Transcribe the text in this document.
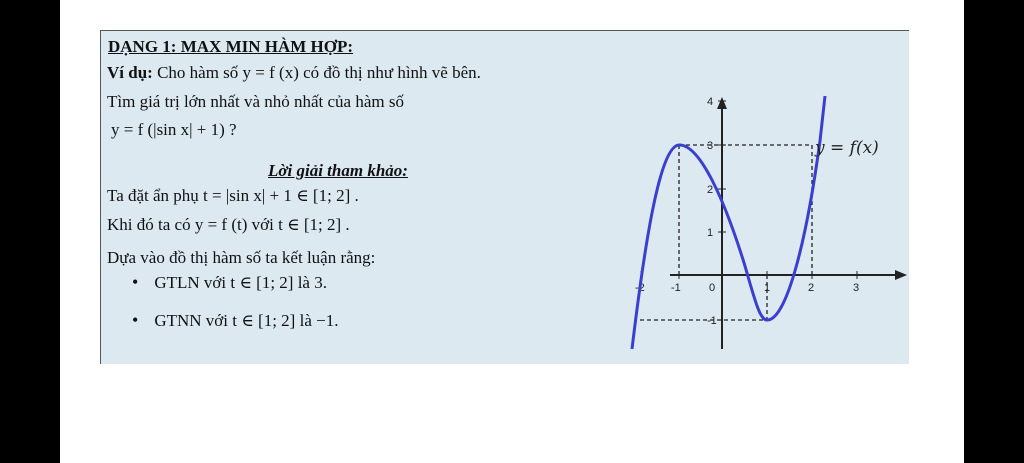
DẠNG 1: MAX MIN HÀM HỢP:
Ví dụ: Cho hàm số y = f (x) có đồ thị như hình vẽ bên.
Tìm giá trị lớn nhất và nhỏ nhất của hàm số
y = f (|sin x| + 1) ?
Lời giải tham khảo:
Ta đặt ẩn phụ t = |sin x| + 1 ∈ [1; 2] .
Khi đó ta có y = f (t) với t ∈ [1; 2] .
Dựa vào đồ thị hàm số ta kết luận rằng:
• GTLN với t ∈ [1; 2] là 3.
• GTNN với t ∈ [1; 2] là −1.
-2 -1	0	1	2	3
4
3
2
1
-1
y = f(x)
